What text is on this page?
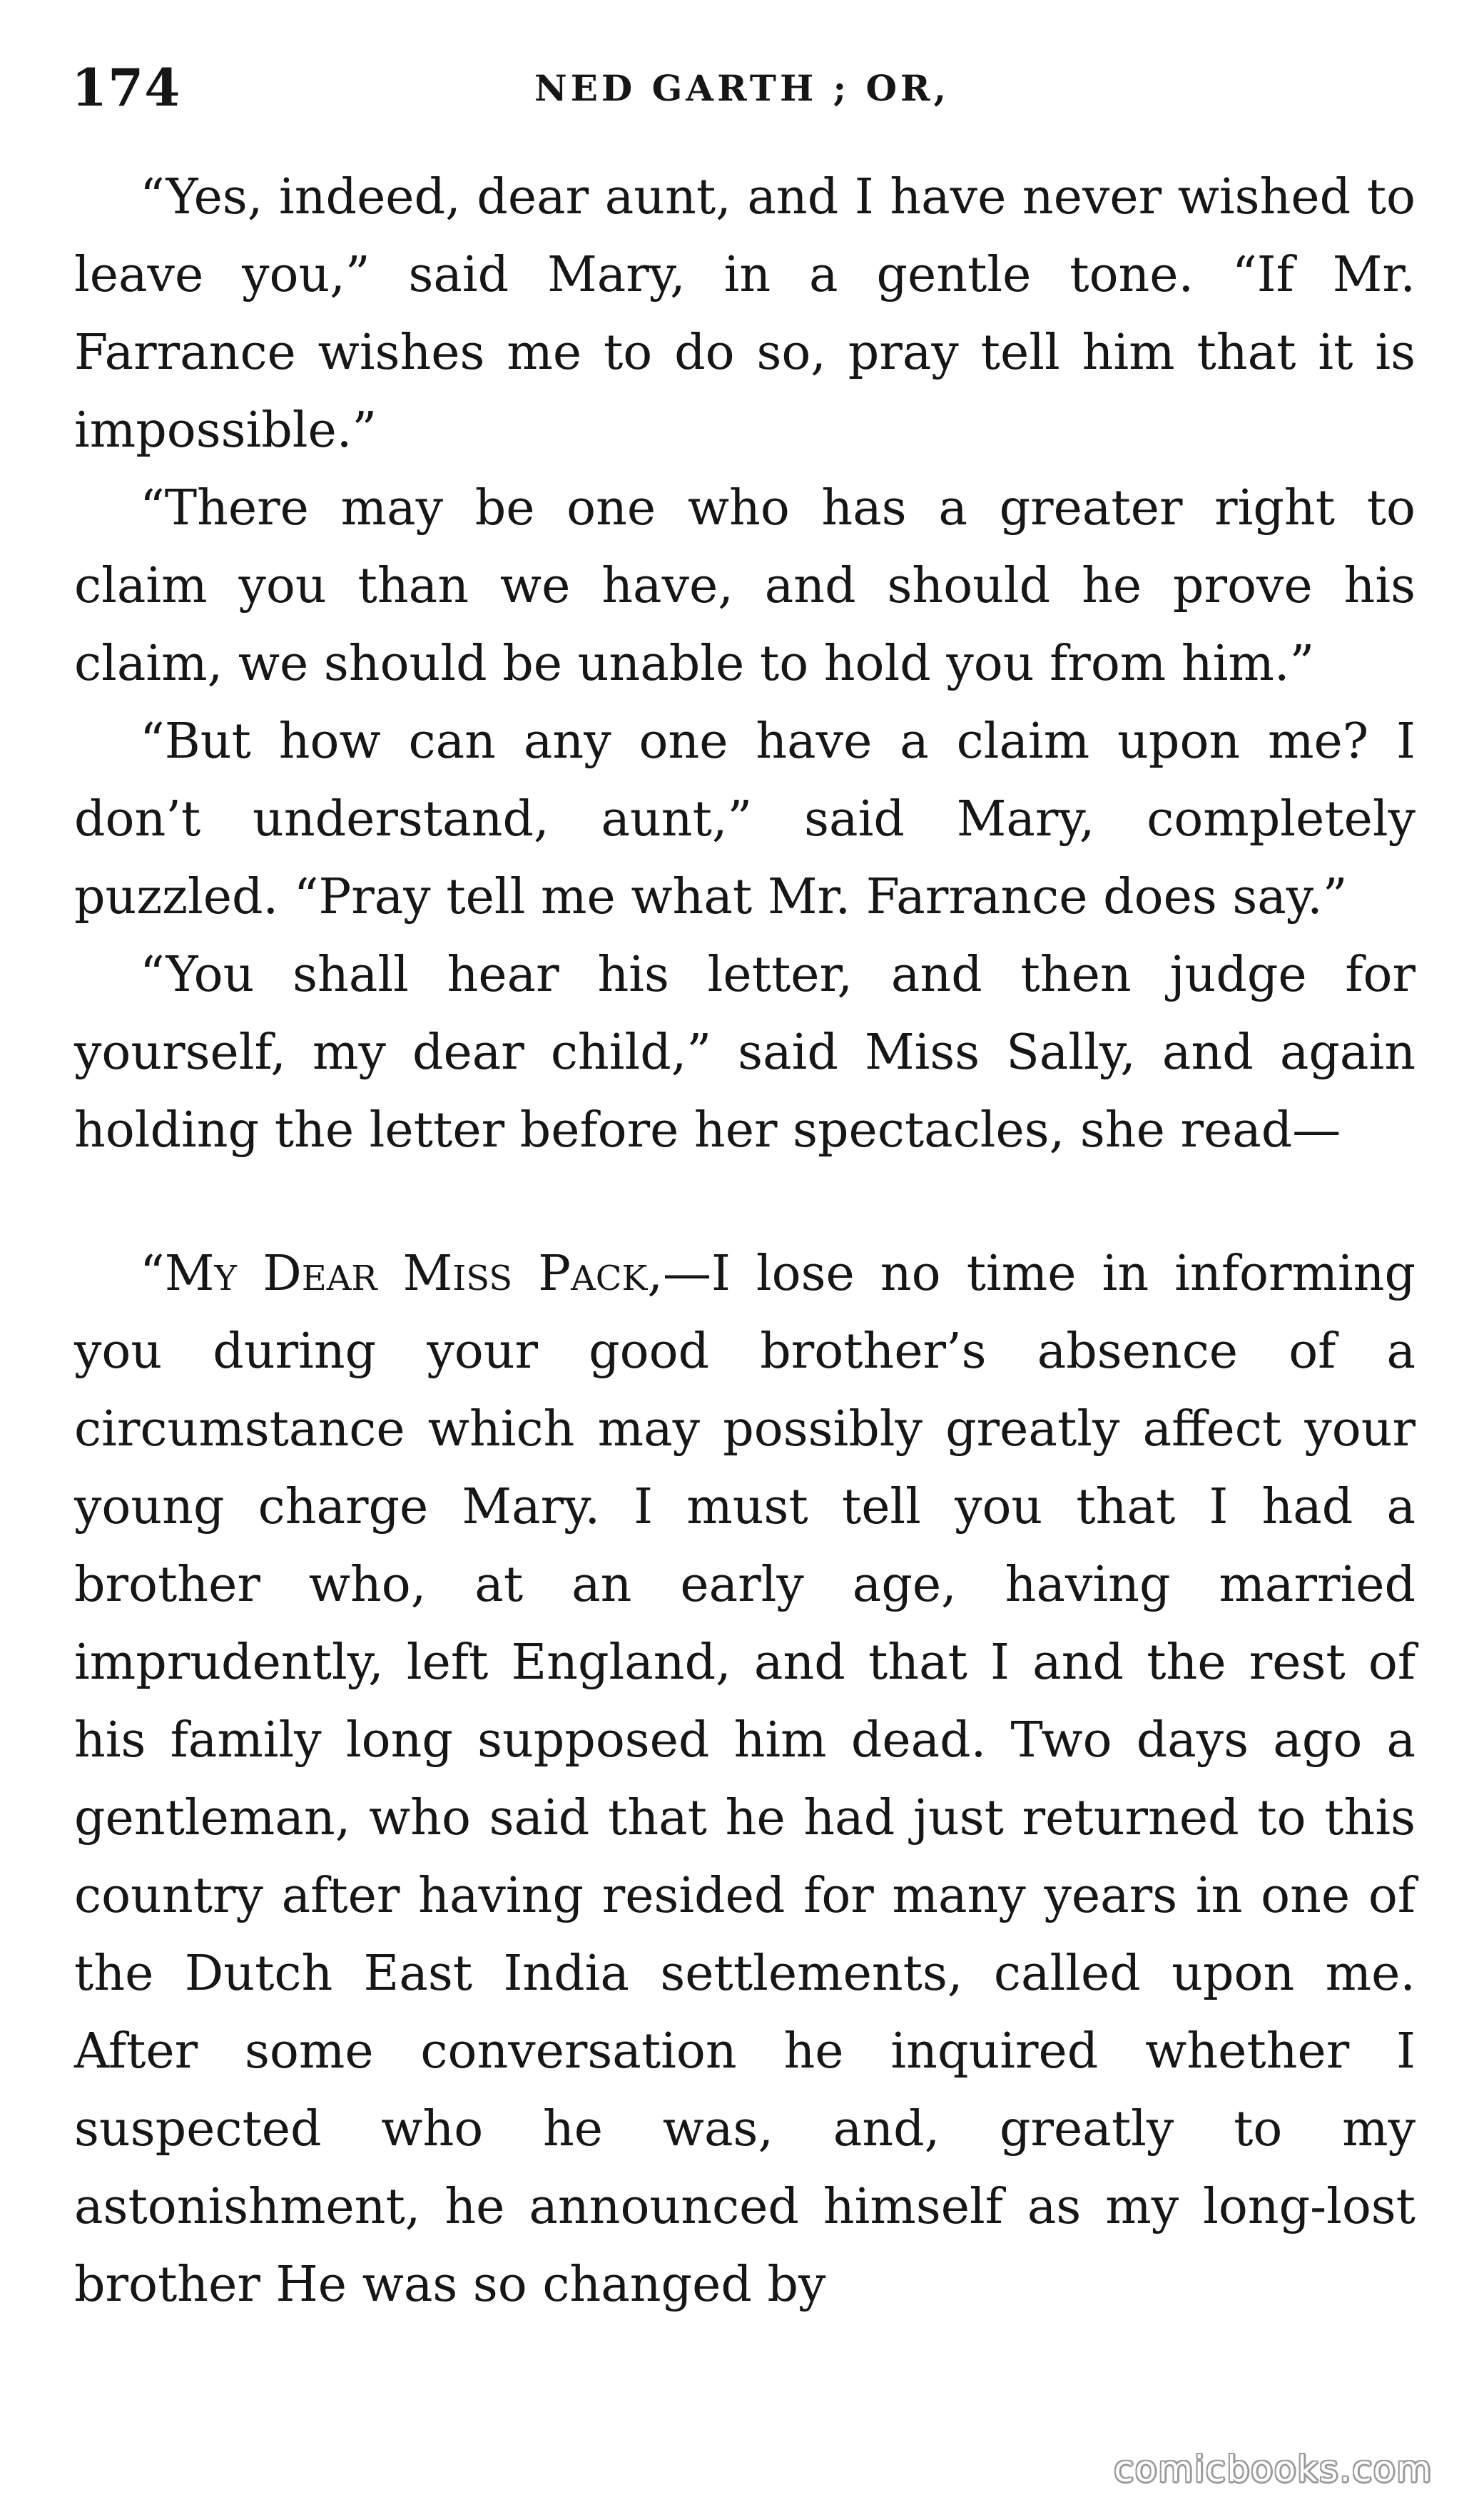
174	NED GARTH ; OR,

“Yes, indeed, dear aunt, and I have never wished to leave you,” said Mary, in a gentle tone. “If Mr. Farrance wishes me to do so, pray tell him that it is impossible.”

“There may be one who has a greater right to claim you than we have, and should he prove his claim, we should be unable to hold you from him.”

“But how can any one have a claim upon me? I don’t understand, aunt,” said Mary, completely puzzled. “Pray tell me what Mr. Farrance does say.”

“You shall hear his letter, and then judge for yourself, my dear child,” said Miss Sally, and again holding the letter before her spectacles, she read—

“My Dear Miss Pack,—I lose no time in informing you during your good brother’s absence of a circumstance which may possibly greatly affect your young charge Mary. I must tell you that I had a brother who, at an early age, having married imprudently, left England, and that I and the rest of his family long supposed him dead. Two days ago a gentleman, who said that he had just returned to this country after having resided for many years in one of the Dutch East India settlements, called upon me. After some conversation he inquired whether I suspected who he was, and, greatly to my astonishment, he announced himself as my long-lost brother He was so changed by

comicbooks.com
